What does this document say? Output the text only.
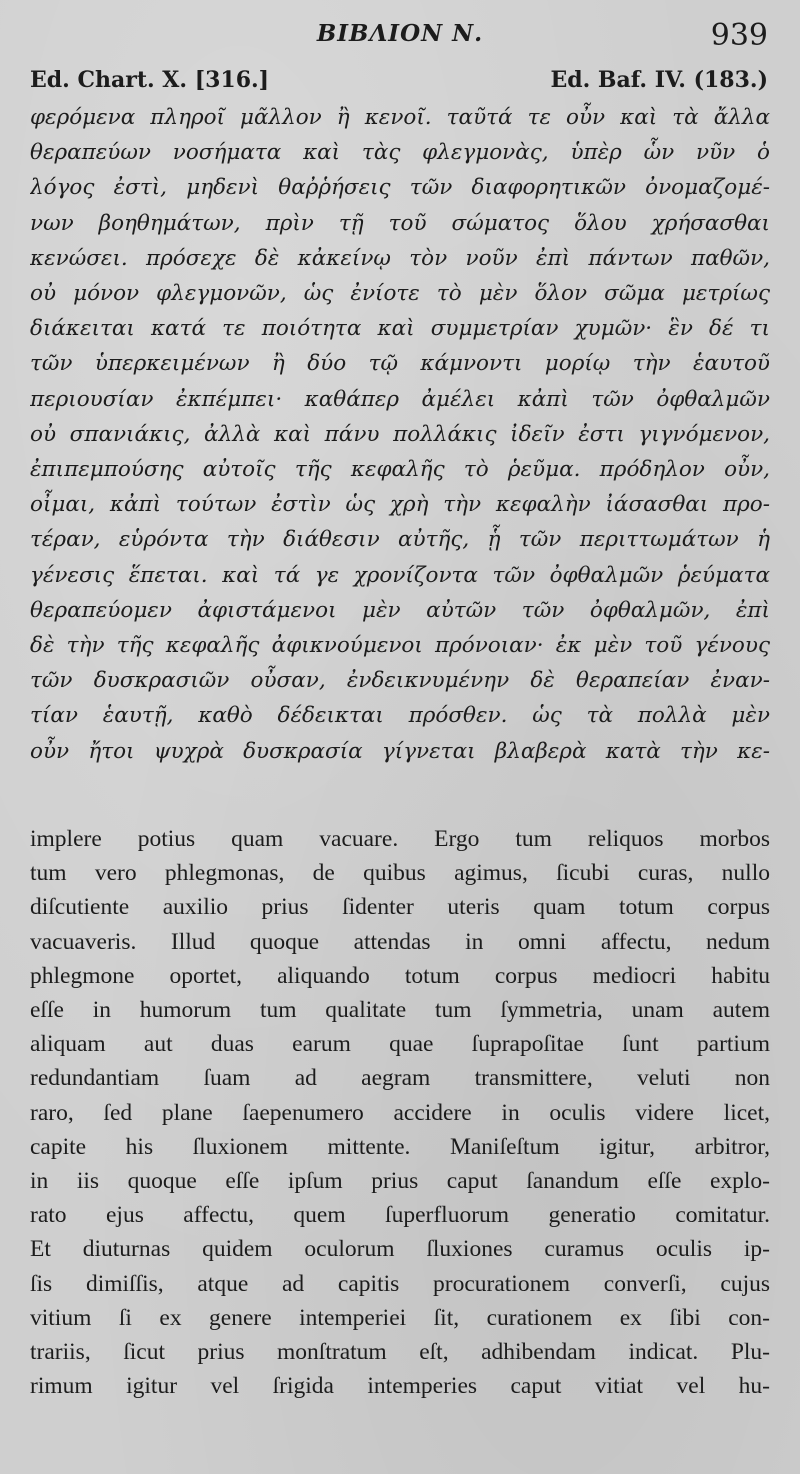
ΒΙΒΛΙΟΝ Ν.	939
Ed. Chart. X. [316.]	Ed. Baf. IV. (183.)
φερόμενα πληροῖ μᾶλλον ἢ κενοῖ. ταῦτά τε οὖν καὶ τὰ ἄλλα
θεραπεύων νοσήματα καὶ τὰς φλεγμονὰς, ὑπὲρ ὧν νῦν ὁ
λόγος ἐστὶ, μηδενὶ θαῤῥήσεις τῶν διαφορητικῶν ὀνομαζομέ-
νων βοηθημάτων, πρὶν τῇ τοῦ σώματος ὅλου χρήσασθαι
κενώσει. πρόσεχε δὲ κἀκείνῳ τὸν νοῦν ἐπὶ πάντων παθῶν,
οὐ μόνον φλεγμονῶν, ὡς ἐνίοτε τὸ μὲν ὅλον σῶμα μετρίως
διάκειται κατά τε ποιότητα καὶ συμμετρίαν χυμῶν· ἓν δέ τι
τῶν ὑπερκειμένων ἢ δύο τῷ κάμνοντι μορίῳ τὴν ἑαυτοῦ
περιουσίαν ἐκπέμπει· καθάπερ ἀμέλει κἀπὶ τῶν ὀφθαλμῶν
οὐ σπανιάκις, ἀλλὰ καὶ πάνυ πολλάκις ἰδεῖν ἐστι γιγνόμενον,
ἐπιπεμπούσης αὐτοῖς τῆς κεφαλῆς τὸ ῥεῦμα. πρόδηλον οὖν,
οἶμαι, κἀπὶ τούτων ἐστὶν ὡς χρὴ τὴν κεφαλὴν ἰάσασθαι προ-
τέραν, εὑρόντα τὴν διάθεσιν αὐτῆς, ᾗ τῶν περιττωμάτων ἡ
γένεσις ἕπεται. καὶ τά γε χρονίζοντα τῶν ὀφθαλμῶν ῥεύματα
θεραπεύομεν ἀφιστάμενοι μὲν αὐτῶν τῶν ὀφθαλμῶν, ἐπὶ
δὲ τὴν τῆς κεφαλῆς ἀφικνούμενοι πρόνοιαν· ἐκ μὲν τοῦ γένους
τῶν δυσκρασιῶν οὖσαν, ἐνδεικνυμένην δὲ θεραπείαν ἐναν-
τίαν ἑαυτῇ, καθὸ δέδεικται πρόσθεν. ὡς τὰ πολλὰ μὲν
οὖν ἤτοι ψυχρὰ δυσκρασία γίγνεται βλαβερὰ κατὰ τὴν κε-
implere potius quam vacuare. Ergo tum reliquos morbos
tum vero phlegmonas, de quibus agimus, ſicubi curas, nullo
diſcutiente auxilio prius ſidenter uteris quam totum corpus
vacuaveris. Illud quoque attendas in omni affectu, nedum
phlegmone oportet, aliquando totum corpus mediocri habitu
eſſe in humorum tum qualitate tum ſymmetria, unam autem
aliquam aut duas earum quae ſuprapoſitae ſunt partium
redundantiam ſuam ad aegram transmittere, veluti non
raro, ſed plane ſaepenumero accidere in oculis videre licet,
capite his ſluxionem mittente. Maniſeſtum igitur, arbitror,
in iis quoque eſſe ipſum prius caput ſanandum eſſe explo-
rato ejus affectu, quem ſuperfluorum generatio comitatur.
Et diuturnas quidem oculorum ſluxiones curamus oculis ip-
ſis dimiſſis, atque ad capitis procurationem converſi, cujus
vitium ſi ex genere intemperiei ſit, curationem ex ſibi con-
trariis, ſicut prius monſtratum eſt, adhibendam indicat. Plu-
rimum igitur vel ſrigida intemperies caput vitiat vel hu-
